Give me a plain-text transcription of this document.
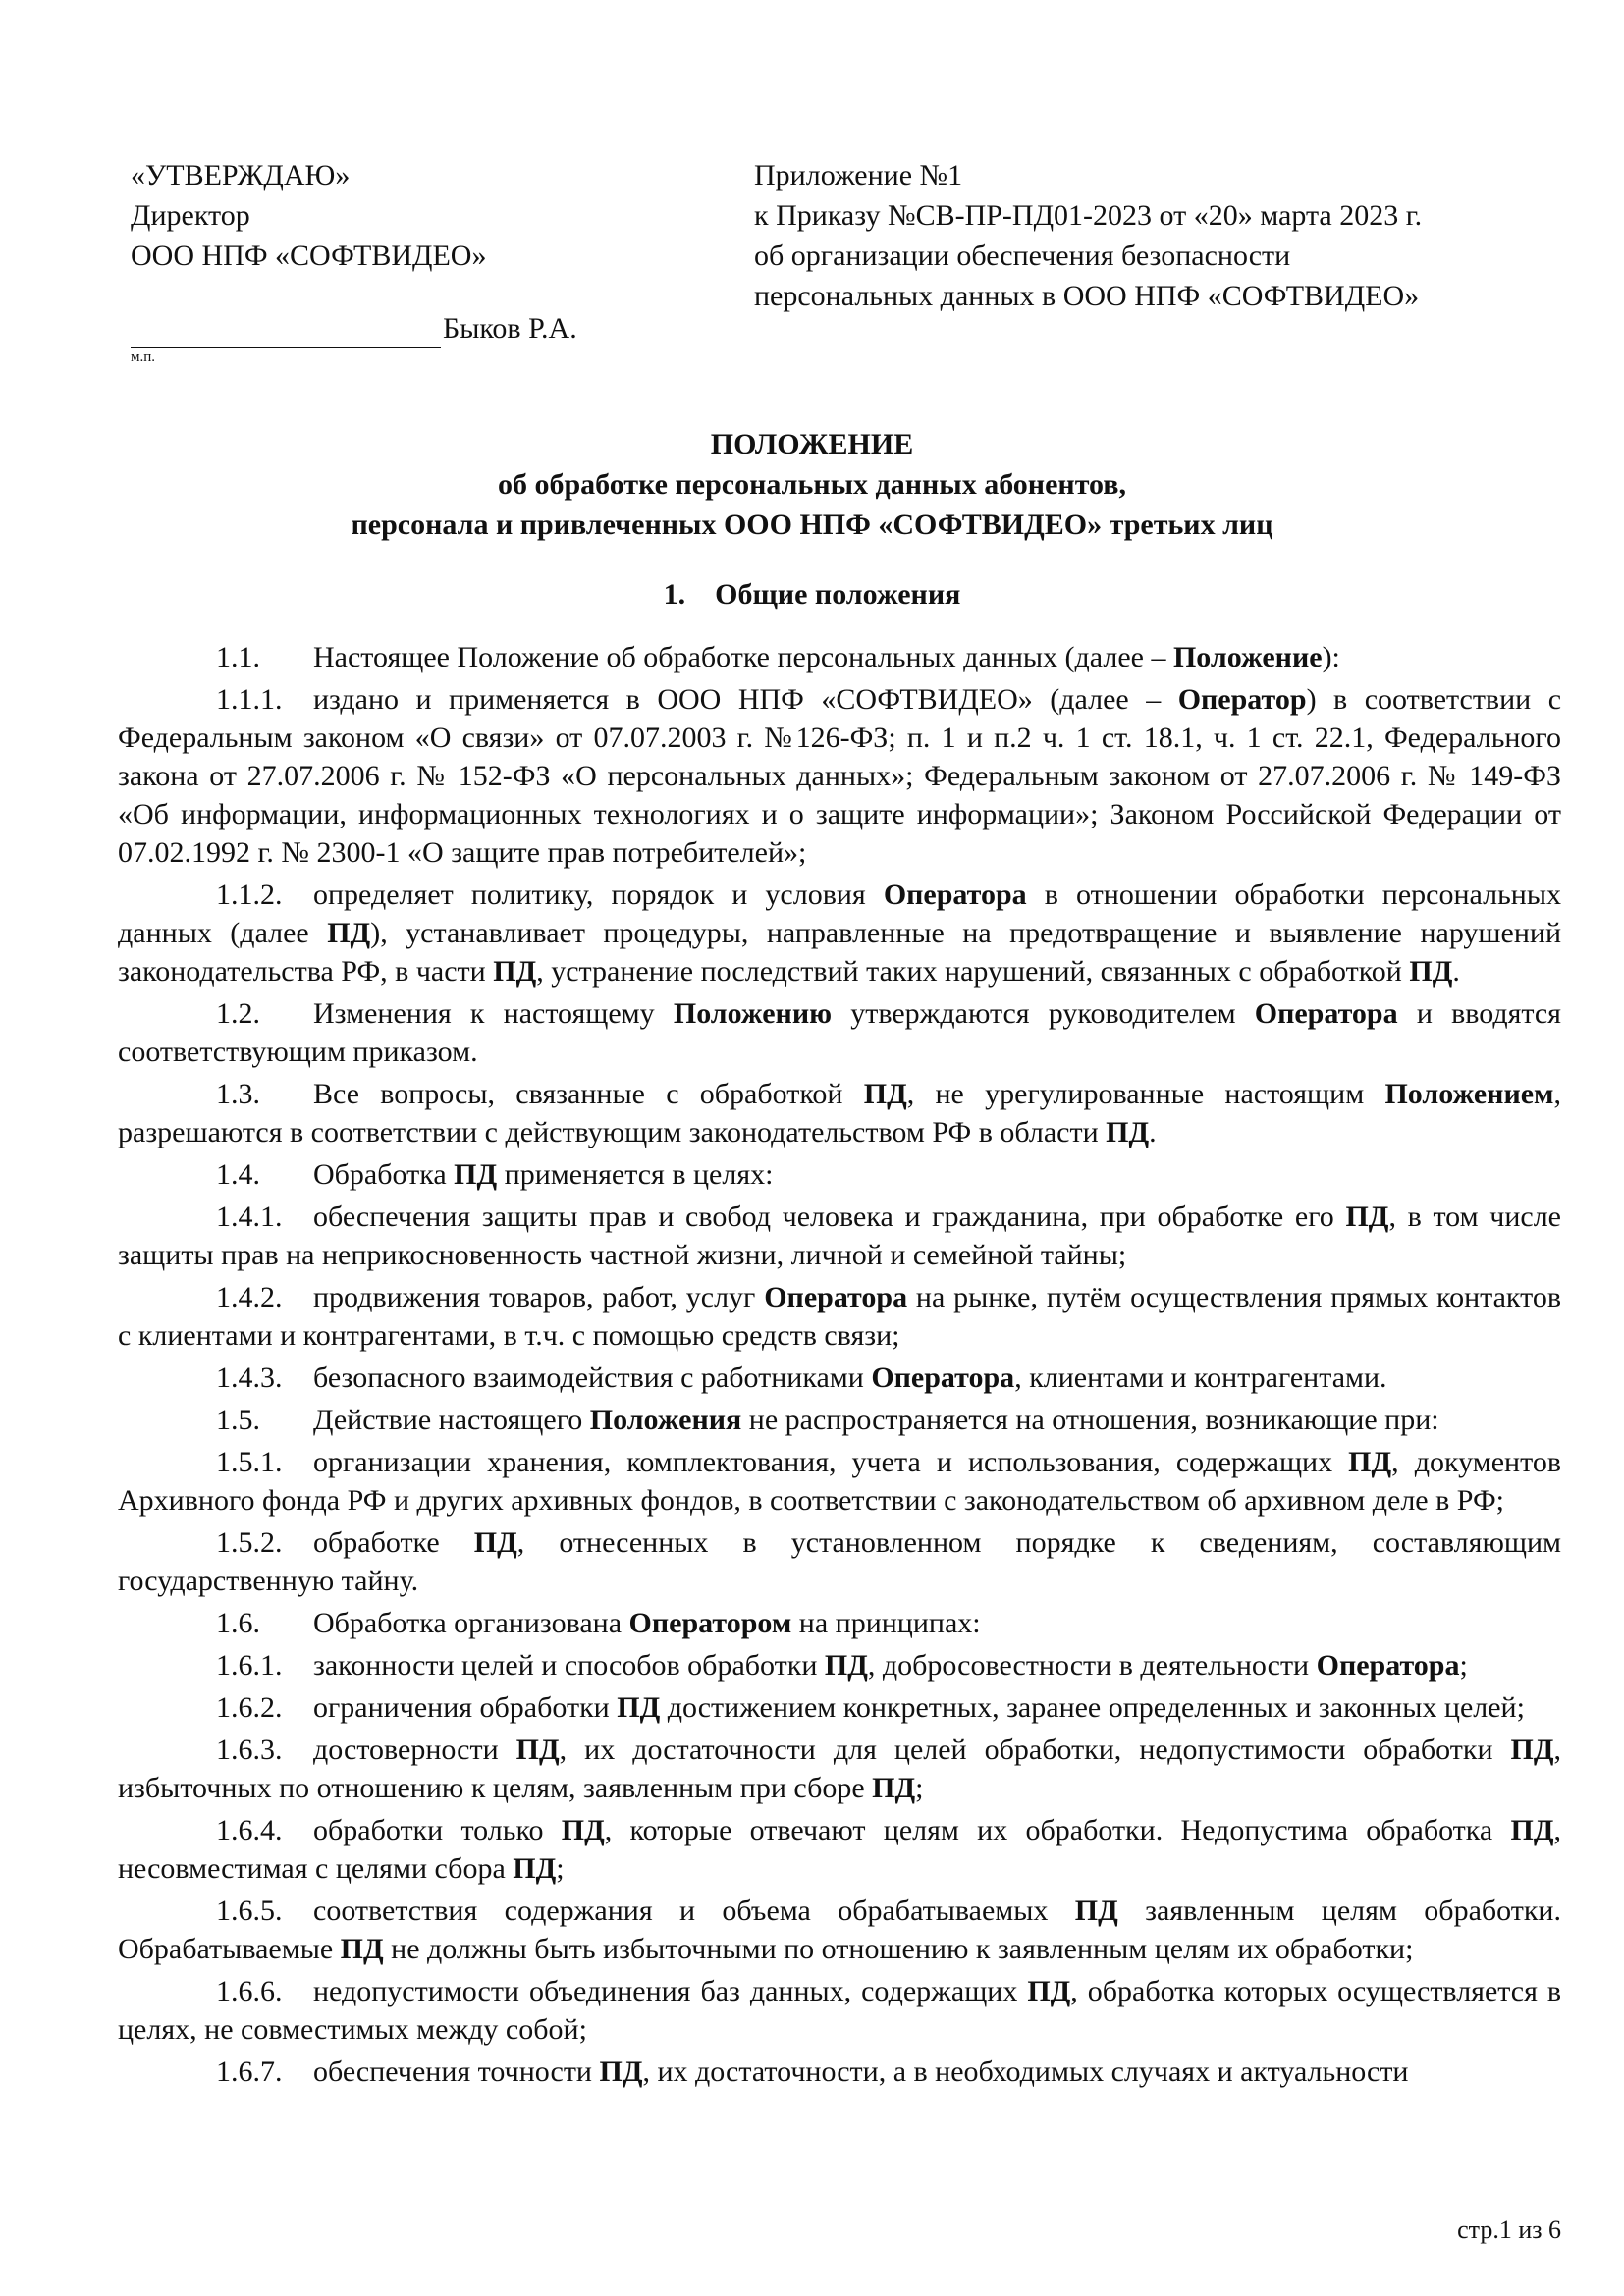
«УТВЕРЖДАЮ»
Директор
ООО НПФ «СОФТВИДЕО»
Быков Р.А.
м.п.
Приложение №1
к Приказу №СВ-ПР-ПД01-2023 от «20» марта 2023 г.
об организации обеспечения безопасности
персональных данных в ООО НПФ «СОФТВИДЕО»
ПОЛОЖЕНИЕ
об обработке персональных данных абонентов,
персонала и привлеченных ООО НПФ «СОФТВИДЕО» третьих лиц
1. Общие положения

1.1. Настоящее Положение об обработке персональных данных (далее – Положение):

1.1.1. издано и применяется в ООО НПФ «СОФТВИДЕО» (далее – Оператор) в соответствии с Федеральным законом «О связи» от 07.07.2003 г. №126-ФЗ; п. 1 и п.2 ч. 1 ст. 18.1, ч. 1 ст. 22.1, Федерального закона от 27.07.2006 г. № 152-ФЗ «О персональных данных»; Федеральным законом от 27.07.2006 г. № 149-ФЗ «Об информации, информационных технологиях и о защите информации»; Законом Российской Федерации от 07.02.1992 г. № 2300-1 «О защите прав потребителей»;

1.1.2. определяет политику, порядок и условия Оператора в отношении обработки персональных данных (далее ПД), устанавливает процедуры, направленные на предотвращение и выявление нарушений законодательства РФ, в части ПД, устранение последствий таких нарушений, связанных с обработкой ПД.

1.2. Изменения к настоящему Положению утверждаются руководителем Оператора и вводятся соответствующим приказом.

1.3. Все вопросы, связанные с обработкой ПД, не урегулированные настоящим Положением, разрешаются в соответствии с действующим законодательством РФ в области ПД.

1.4. Обработка ПД применяется в целях:

1.4.1. обеспечения защиты прав и свобод человека и гражданина, при обработке его ПД, в том числе защиты прав на неприкосновенность частной жизни, личной и семейной тайны;

1.4.2. продвижения товаров, работ, услуг Оператора на рынке, путём осуществления прямых контактов с клиентами и контрагентами, в т.ч. с помощью средств связи;

1.4.3. безопасного взаимодействия с работниками Оператора, клиентами и контрагентами.

1.5. Действие настоящего Положения не распространяется на отношения, возникающие при:

1.5.1. организации хранения, комплектования, учета и использования, содержащих ПД, документов Архивного фонда РФ и других архивных фондов, в соответствии с законодательством об архивном деле в РФ;

1.5.2. обработке ПД, отнесенных в установленном порядке к сведениям, составляющим государственную тайну.

1.6. Обработка организована Оператором на принципах:

1.6.1. законности целей и способов обработки ПД, добросовестности в деятельности Оператора;

1.6.2. ограничения обработки ПД достижением конкретных, заранее определенных и законных целей;

1.6.3. достоверности ПД, их достаточности для целей обработки, недопустимости обработки ПД, избыточных по отношению к целям, заявленным при сборе ПД;

1.6.4. обработки только ПД, которые отвечают целям их обработки. Недопустима обработка ПД, несовместимая с целями сбора ПД;

1.6.5. соответствия содержания и объема обрабатываемых ПД заявленным целям обработки. Обрабатываемые ПД не должны быть избыточными по отношению к заявленным целям их обработки;

1.6.6. недопустимости объединения баз данных, содержащих ПД, обработка которых осуществляется в целях, не совместимых между собой;

1.6.7. обеспечения точности ПД, их достаточности, а в необходимых случаях и актуальности

стр.1 из 6
